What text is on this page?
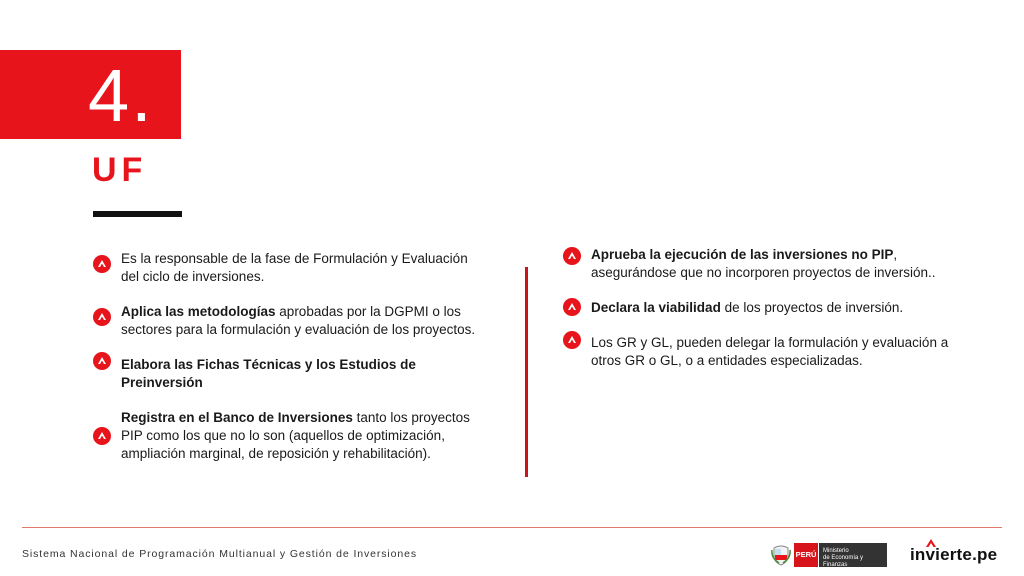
4.
UF
Es la responsable de la fase de Formulación y Evaluación del ciclo de inversiones.
Aplica las metodologías aprobadas por la DGPMI o los sectores para la formulación y evaluación de los proyectos.
Elabora las Fichas Técnicas y los Estudios de Preinversión
Registra en el Banco de Inversiones tanto los proyectos PIP como los que no lo son (aquellos de optimización, ampliación marginal, de reposición y rehabilitación).
Aprueba la ejecución de las inversiones no PIP, asegurándose que no incorporen proyectos de inversión..
Declara la viabilidad de los proyectos de inversión.
Los GR y GL, pueden delegar la formulación y evaluación a otros GR o GL, o a entidades especializadas.
Sistema Nacional de Programación Multianual y Gestión de Inversiones	PERÚ Ministerio
de Economía y Finanzas
invierte.pe
